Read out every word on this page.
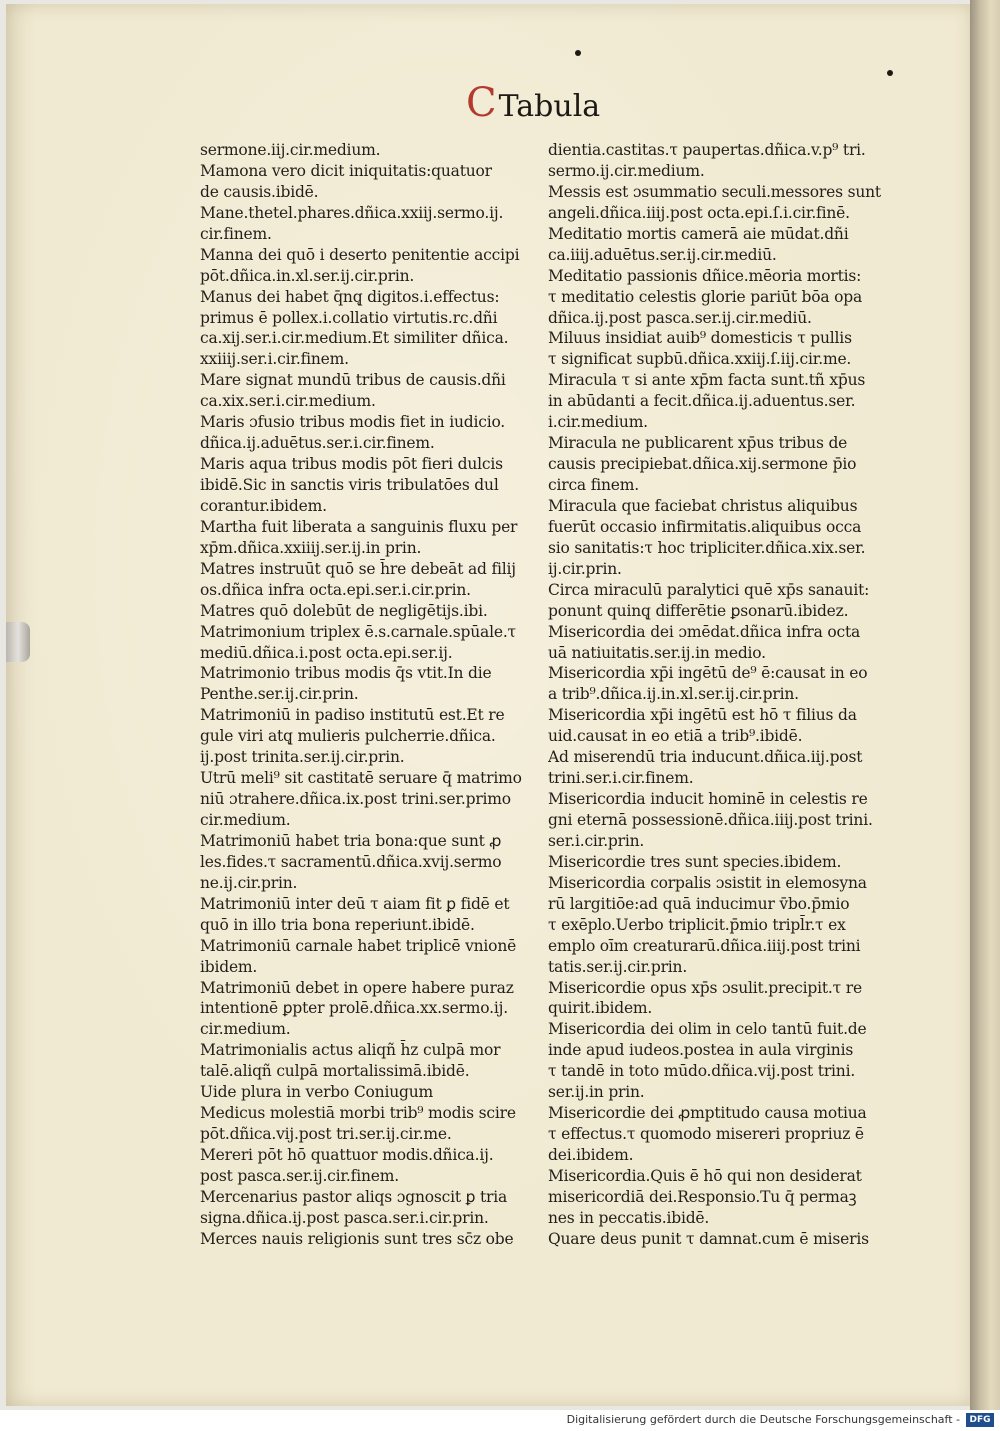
CTabula
sermone.iij.cir.medium.
Mamona vero dicit iniquitatis:quatuor
de causis.ibidē.
Mane.thetel.phares.dñica.xxiij.sermo.ij.
cir.finem.
Manna dei quō i deserto penitentie accipi
pōt.dñica.in.xl.ser.ij.cir.prin.
Manus dei habet q̄nq̨ digitos.i.effectus:
primus ē pollex.i.collatio virtutis.rc.dñi
ca.xij.ser.i.cir.medium.Et similiter dñica.
xxiiij.ser.i.cir.finem.
Mare signat mundū tribus de causis.dñi
ca.xix.ser.i.cir.medium.
Maris ɔfusio tribus modis fiet in iudicio.
dñica.ij.aduētus.ser.i.cir.finem.
Maris aqua tribus modis pōt fieri dulcis
ibidē.Sic in sanctis viris tribulatōes dul
corantur.ibidem.
Martha fuit liberata a sanguinis fluxu per
xp̄m.dñica.xxiiij.ser.ij.in prin.
Matres instruūt quō se h̄re debeāt ad filij
os.dñica infra octa.epi.ser.i.cir.prin.
Matres quō dolebūt de negligētijs.ibi.
Matrimonium triplex ē.s.carnale.spūale.τ
mediū.dñica.i.post octa.epi.ser.ij.
Matrimonio tribus modis q̄s vtit.In die
Penthe.ser.ij.cir.prin.
Matrimoniū in padiso institutū est.Et re
gule viri atq̨ mulieris pulcherrie.dñica.
ij.post trinita.ser.ij.cir.prin.
Utrū meli⁹ sit castitatē seruare q̄ matrimo
niū ɔtrahere.dñica.ix.post trini.ser.primo
cir.medium.
Matrimoniū habet tria bona:que sunt ꝓ
les.fides.τ sacramentū.dñica.xvij.sermo
ne.ij.cir.prin.
Matrimoniū inter deū τ aiam fit ꝑ fidē et
quō in illo tria bona reperiunt.ibidē.
Matrimoniū carnale habet triplicē vnionē
ibidem.
Matrimoniū debet in opere habere puraz
intentionē ꝑpter prolē.dñica.xx.sermo.ij.
cir.medium.
Matrimonialis actus aliqñ h̄z culpā mor
talē.aliqñ culpā mortalissimā.ibidē.
Uide plura in verbo Coniugum
Medicus molestiā morbi trib⁹ modis scire
pōt.dñica.vij.post tri.ser.ij.cir.me.
Mereri pōt hō quattuor modis.dñica.ij.
post pasca.ser.ij.cir.finem.
Mercenarius pastor aliqs ɔgnoscit ꝑ tria
signa.dñica.ij.post pasca.ser.i.cir.prin.
Merces nauis religionis sunt tres sc̄z obe
dientia.castitas.τ paupertas.dñica.v.p⁹ tri.
sermo.ij.cir.medium.
Messis est ɔsummatio seculi.messores sunt
angeli.dñica.iiij.post octa.epi.ſ.i.cir.finē.
Meditatio mortis camerā aie mūdat.dñi
ca.iiij.aduētus.ser.ij.cir.mediū.
Meditatio passionis dñice.mēoria mortis:
τ meditatio celestis glorie pariūt bōa opa
dñica.ij.post pasca.ser.ij.cir.mediū.
Miluus insidiat auib⁹ domesticis τ pullis
τ significat supbū.dñica.xxiij.ſ.iij.cir.me.
Miracula τ si ante xp̄m facta sunt.tñ xp̄us
in abūdanti a fecit.dñica.ij.aduentus.ser.
i.cir.medium.
Miracula ne publicarent xp̄us tribus de
causis precipiebat.dñica.xij.sermone p̄io
circa finem.
Miracula que faciebat christus aliquibus
fuerūt occasio infirmitatis.aliquibus occa
sio sanitatis:τ hoc tripliciter.dñica.xix.ser.
ij.cir.prin.
Circa miraculū paralytici quē xp̄s sanauit:
ponunt quinq̨ differētie ꝑsonarū.ibidez.
Misericordia dei ɔmēdat.dñica infra octa
uā natiuitatis.ser.ij.in medio.
Misericordia xp̄i ingētū de⁹ ē:causat in eo
a trib⁹.dñica.ij.in.xl.ser.ij.cir.prin.
Misericordia xp̄i ingētū est hō τ filius da
uid.causat in eo etiā a trib⁹.ibidē.
Ad miserendū tria inducunt.dñica.iij.post
trini.ser.i.cir.finem.
Misericordia inducit hominē in celestis re
gni eternā possessionē.dñica.iiij.post trini.
ser.i.cir.prin.
Misericordie tres sunt species.ibidem.
Misericordia corpalis ɔsistit in elemosyna
rū largitiōe:ad quā inducimur v̄bo.p̄mio
τ exēplo.Uerbo triplicit.p̄mio tripl̄r.τ ex
emplo oīm creaturarū.dñica.iiij.post trini
tatis.ser.ij.cir.prin.
Misericordie opus xp̄s ɔsulit.precipit.τ re
quirit.ibidem.
Misericordia dei olim in celo tantū fuit.de
inde apud iudeos.postea in aula virginis
τ tandē in toto mūdo.dñica.vij.post trini.
ser.ij.in prin.
Misericordie dei ꝓmptitudo causa motiua
τ effectus.τ quomodo misereri propriuz ē
dei.ibidem.
Misericordia.Quis ē hō qui non desiderat
misericordiā dei.Responsio.Tu q̄ permaꝫ
nes in peccatis.ibidē.
Quare deus punit τ damnat.cum ē miseris
Digitalisierung gefördert durch die Deutsche Forschungsgemeinschaft -	DFG
